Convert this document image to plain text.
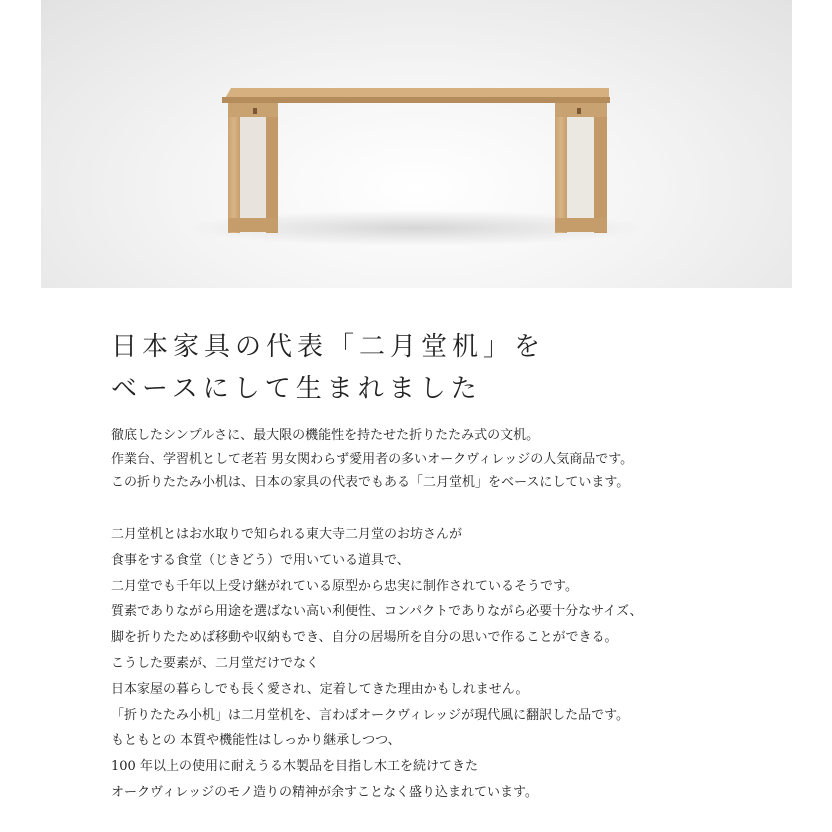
日本家具の代表「二月堂机」を
ベースにして生まれました

徹底したシンプルさに、最大限の機能性を持たせた折りたたみ式の文机。
作業台、学習机として老若 男女関わらず愛用者の多いオークヴィレッジの人気商品です。
この折りたたみ小机は、日本の家具の代表でもある「二月堂机」をベースにしています。

二月堂机とはお水取りで知られる東大寺二月堂のお坊さんが
食事をする食堂（じきどう）で用いている道具で、
二月堂でも千年以上受け継がれている原型から忠実に制作されているそうです。
質素でありながら用途を選ばない高い利便性、コンパクトでありながら必要十分なサイズ、
脚を折りたためば移動や収納もでき、自分の居場所を自分の思いで作ることができる。
こうした要素が、二月堂だけでなく
日本家屋の暮らしでも長く愛され、定着してきた理由かもしれません。
「折りたたみ小机」は二月堂机を、言わばオークヴィレッジが現代風に翻訳した品です。
もともとの 本質や機能性はしっかり継承しつつ、
100 年以上の使用に耐えうる木製品を目指し木工を続けてきた
オークヴィレッジのモノ造りの精神が余すことなく盛り込まれています。
